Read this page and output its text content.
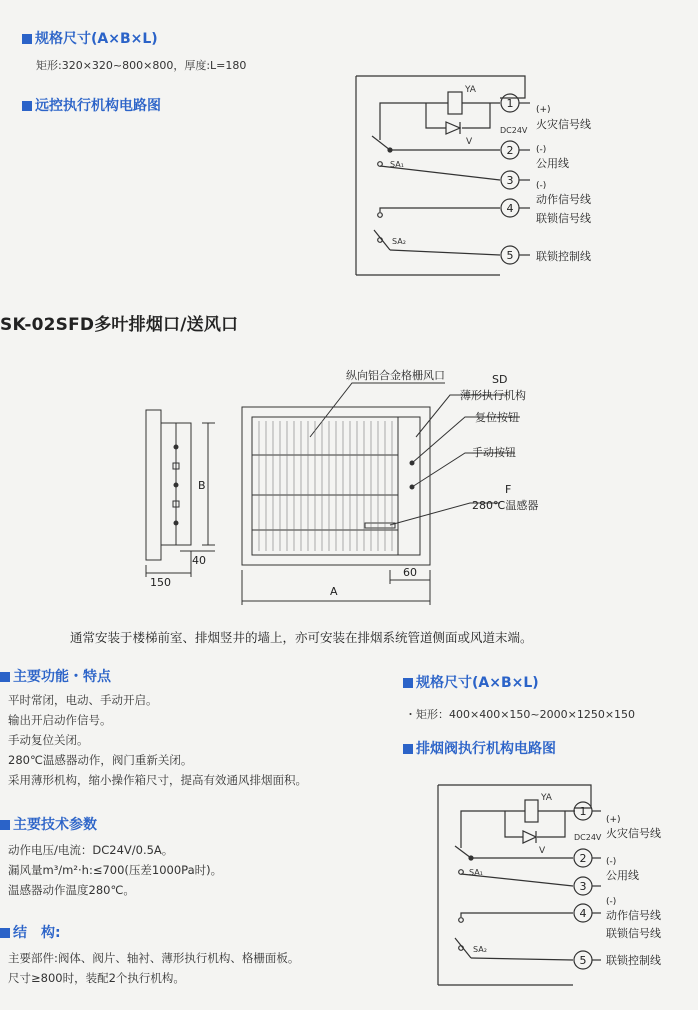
规格尺寸(A×B×L)
矩形:320×320~800×800，厚度:L=180
远控执行机构电路图
YA
V
DC24V
SA₁
SA₂
1
2
3
4
5
(+)
火灾信号线
(-)
公用线
(-)
动作信号线
联锁信号线
联锁控制线
SK-02SFD多叶排烟口/送风口
纵向铝合金格栅风口	SD
薄形执行机构
复位按钮
手动按钮
F
280℃温感器
B
A
150
40
60
通常安装于楼梯前室、排烟竖井的墙上，亦可安装在排烟系统管道侧面或风道末端。
主要功能・特点
平时常闭，电动、手动开启。
输出开启动作信号。
手动复位关闭。
280℃温感器动作，阀门重新关闭。
采用薄形机构，缩小操作箱尺寸，提高有效通风排烟面积。
主要技术参数
动作电压/电流：DC24V/0.5A。
漏风量m³/m²·h:≤700(压差1000Pa时)。
温感器动作温度280℃。
结　构:
主要部件:阀体、阀片、轴衬、薄形执行机构、格栅面板。
尺寸≥800时，装配2个执行机构。
规格尺寸(A×B×L)
・矩形：400×400×150~2000×1250×150
排烟阀执行机构电路图
YA
V
DC24V
SA₁
SA₂
1
2
3
4
5
(+)
火灾信号线
(-)
公用线
(-)
动作信号线
联锁信号线
联锁控制线
